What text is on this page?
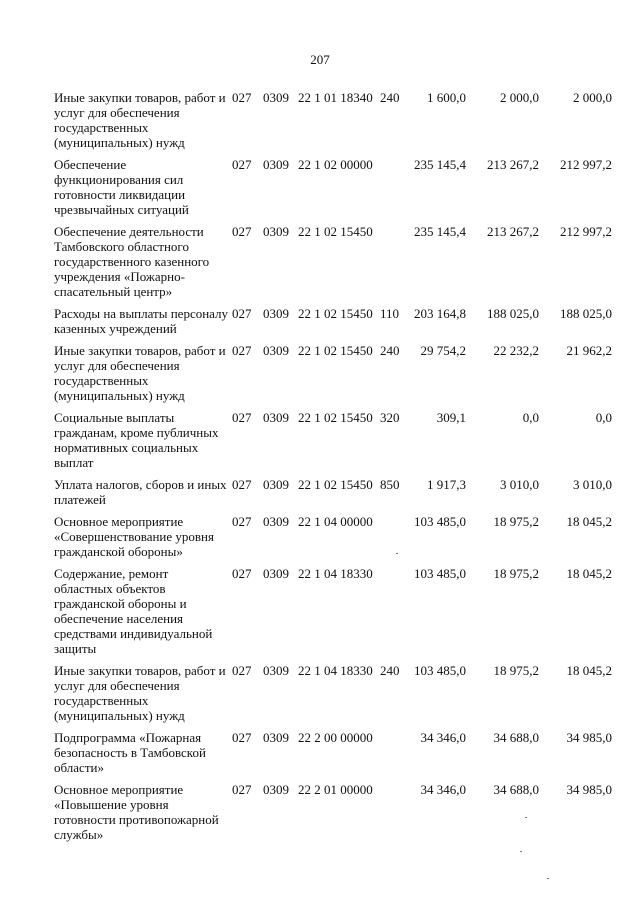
207
Иные закупки товаров, работ и услуг для обеспечения государственных (муниципальных) нужд
027 03 09 22 1 01 18340 240	1 600,0	2 000,0	2 000,0
Обеспечение функционирования сил готовности ликвидации чрезвычайных ситуаций
027 03 09 22 1 02 00000	235 145,4	213 267,2	212 997,2
Обеспечение деятельности Тамбовского областного государственного казенного учреждения «Пожарно-спасательный центр»
027 03 09 22 1 02 15450	235 145,4	213 267,2	212 997,2
Расходы на выплаты персоналу казенных учреждений
027 03 09 22 1 02 15450 110	203 164,8	188 025,0	188 025,0
Иные закупки товаров, работ и услуг для обеспечения государственных (муниципальных) нужд
027 03 09 22 1 02 15450 240	29 754,2	22 232,2	21 962,2
Социальные выплаты гражданам, кроме публичных нормативных социальных выплат
027 03 09 22 1 02 15450 320	309,1	0,0	0,0
Уплата налогов, сборов и иных платежей
027 03 09 22 1 02 15450 850	1 917,3	3 010,0	3 010,0
Основное мероприятие «Совершенствование уровня гражданской обороны»
027 03 09 22 1 04 00000	103 485,0	18 975,2	18 045,2
Содержание, ремонт областных объектов гражданской обороны и обеспечение населения средствами индивидуальной защиты
027 03 09 22 1 04 18330	103 485,0	18 975,2	18 045,2
Иные закупки товаров, работ и услуг для обеспечения государственных (муниципальных) нужд
027 03 09 22 1 04 18330 240	103 485,0	18 975,2	18 045,2
Подпрограмма «Пожарная безопасность в Тамбовской области»
027 03 09 22 2 00 00000	34 346,0	34 688,0	34 985,0
Основное мероприятие «Повышение уровня готовности противопожарной службы»
027 03 09 22 2 01 00000	34 346,0	34 688,0	34 985,0
